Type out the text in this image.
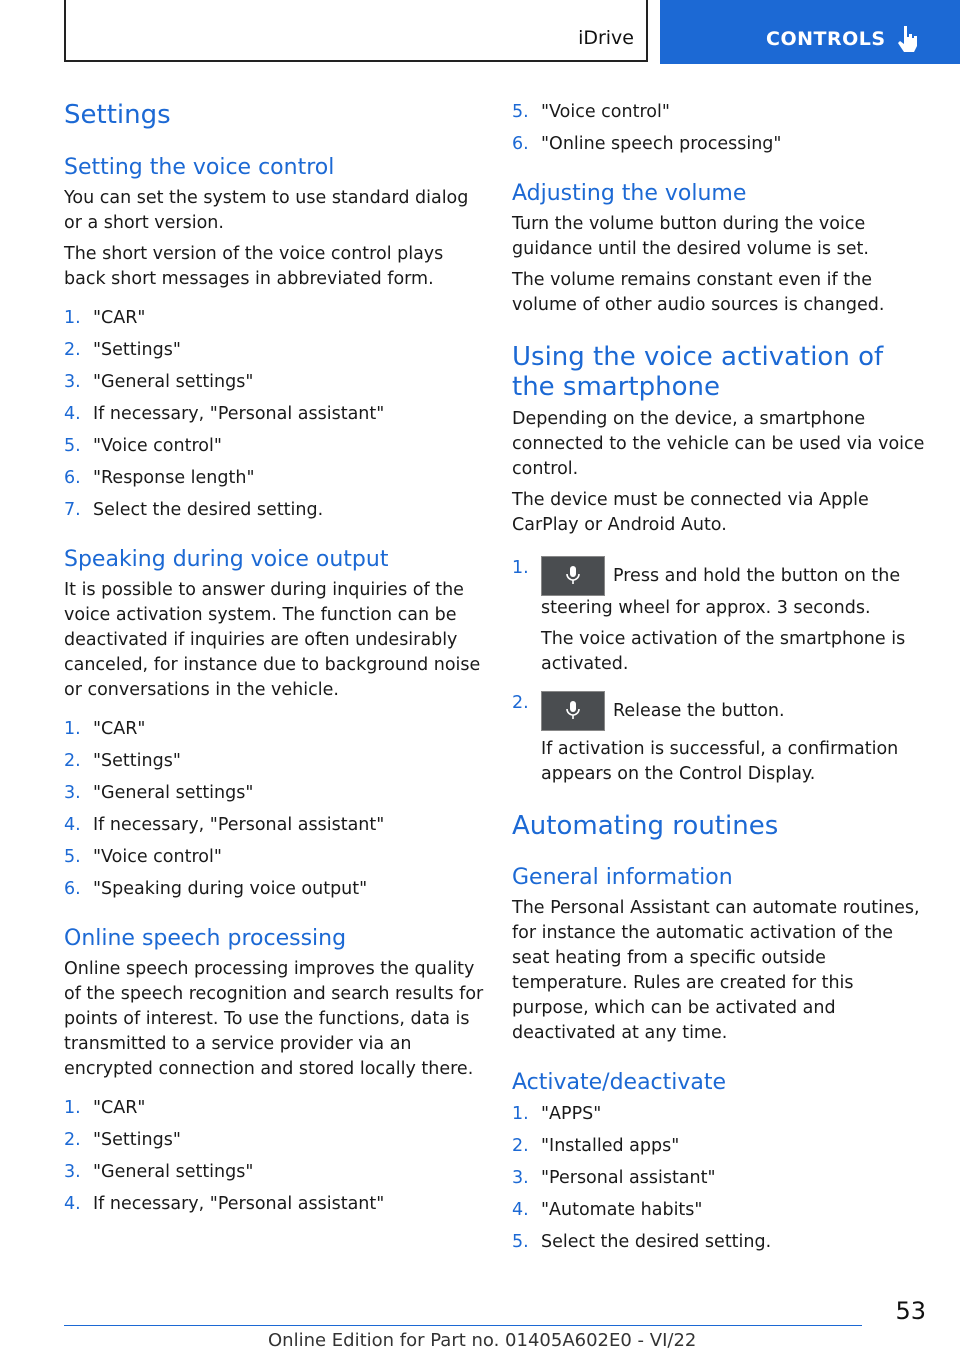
iDrive	CONTROLS
Settings
Setting the voice control

You can set the system to use standard dialog or a short version.

The short version of the voice control plays back short messages in abbreviated form.

1. "CAR"
2. "Settings"
3. "General settings"
4. If necessary, "Personal assistant"
5. "Voice control"
6. "Response length"
7. Select the desired setting.
Speaking during voice output

It is possible to answer during inquiries of the voice activation system. The function can be deactivated if inquiries are often undesirably canceled, for instance due to background noise or conversations in the vehicle.

1. "CAR"
2. "Settings"
3. "General settings"
4. If necessary, "Personal assistant"
5. "Voice control"
6. "Speaking during voice output"
Online speech processing

Online speech processing improves the quality of the speech recognition and search results for points of interest. To use the functions, data is transmitted to a service provider via an encrypted connection and stored locally there.

1. "CAR"
2. "Settings"
3. "General settings"
4. If necessary, "Personal assistant"
5. "Voice control"
6. "Online speech processing"
Adjusting the volume

Turn the volume button during the voice guidance until the desired volume is set.

The volume remains constant even if the volume of other audio sources is changed.

Using the voice activation of the smartphone

Depending on the device, a smartphone connected to the vehicle can be used via voice control.

The device must be connected via Apple CarPlay or Android Auto.

1.	Press and hold the button on the steering wheel for approx. 3 seconds.

The voice activation of the smartphone is activated.

2.	Release the button.

If activation is successful, a confirmation appears on the Control Display.

Automating routines
General information

The Personal Assistant can automate routines, for instance the automatic activation of the seat heating from a specific outside temperature. Rules are created for this purpose, which can be activated and deactivated at any time.

Activate/deactivate
1. "APPS"
2. "Installed apps"
3. "Personal assistant"
4. "Automate habits"
5. Select the desired setting.
53
Online Edition for Part no. 01405A602E0 - VI/22
